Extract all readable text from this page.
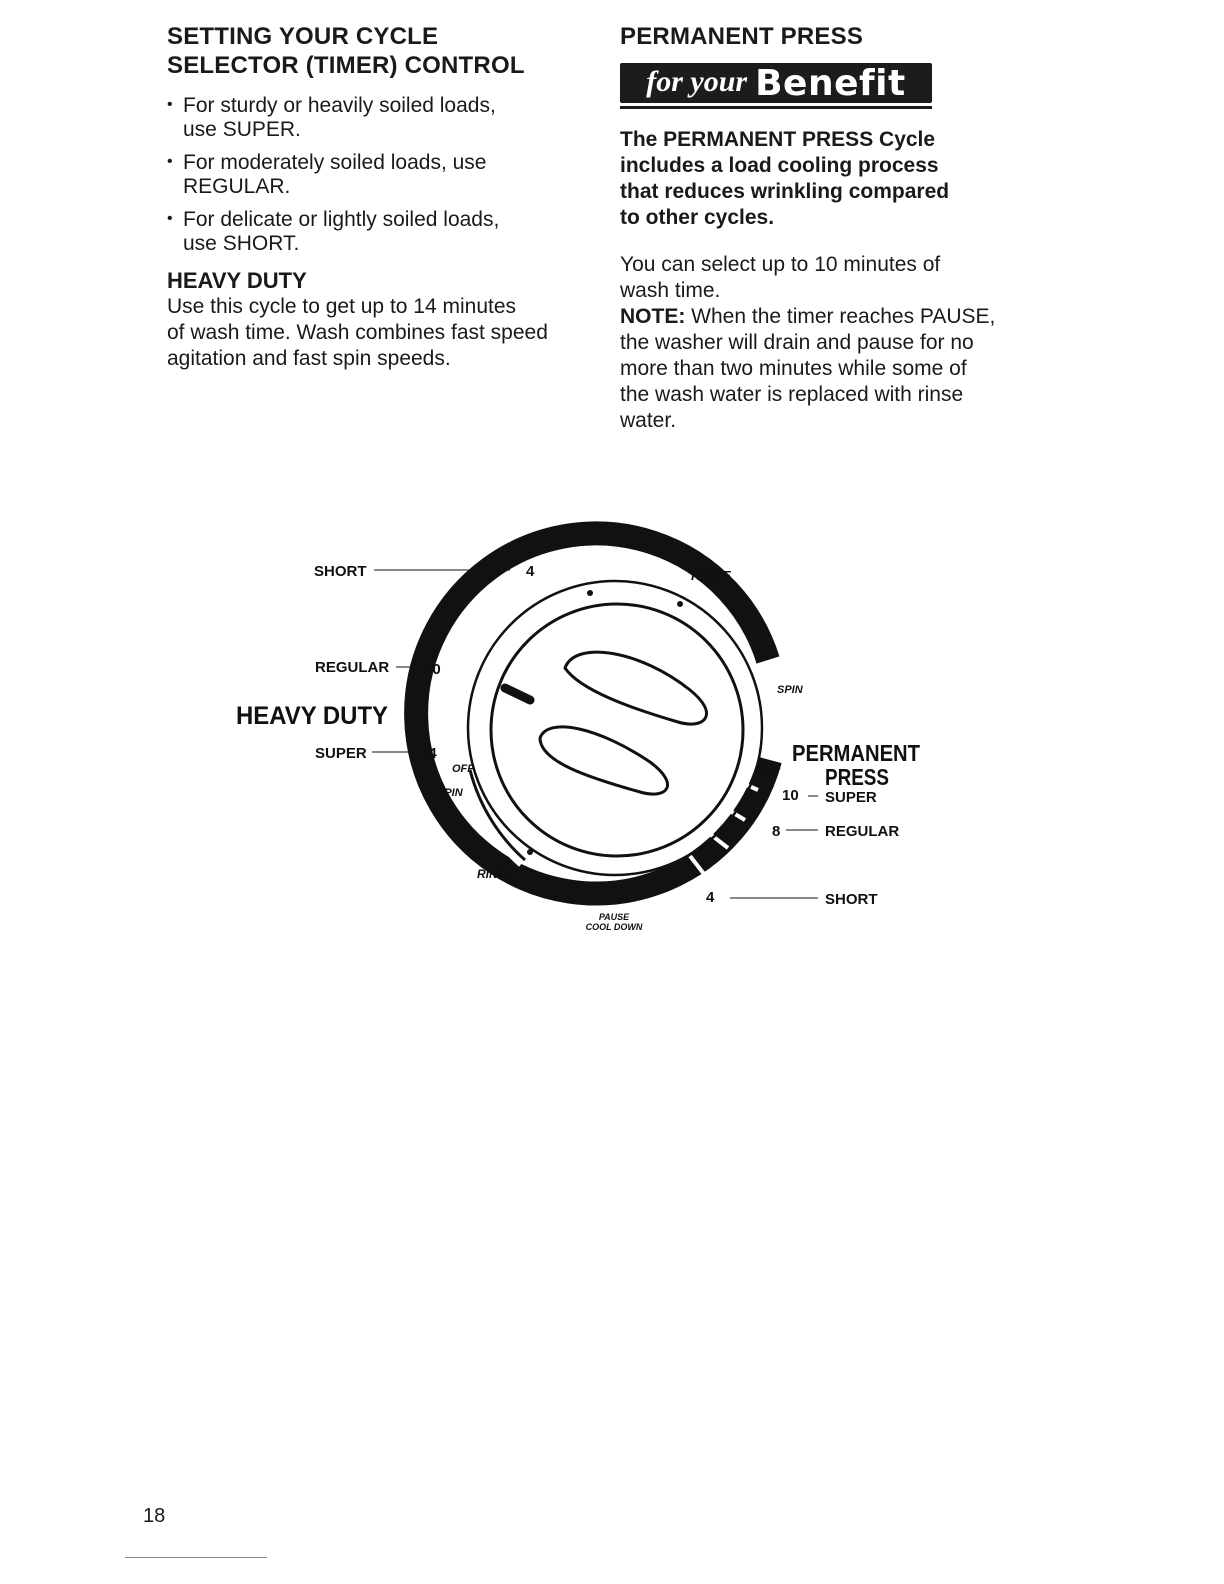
SETTING YOUR CYCLE
SELECTOR (TIMER) CONTROL
• For sturdy or heavily soiled loads,
use SUPER.
• For moderately soiled loads, use
REGULAR.
• For delicate or lightly soiled loads,
use SHORT.
HEAVY DUTY

Use this cycle to get up to 14 minutes
of wash time. Wash combines fast speed
agitation and fast spin speeds.

PERMANENT PRESS
for your Benefit

The PERMANENT PRESS Cycle
includes a load cooling process
that reduces wrinkling compared
to other cycles.

You can select up to 10 minutes of
wash time.

NOTE: When the timer reaches PAUSE,
the washer will drain and pause for no
more than two minutes while some of
the wash water is replaced with rinse
water.

SHORT	4
REGULAR 10
HEAVY DUTY
SUPER	14
OFF
SPIN
RINSE
RINSE
SPIN
OFF
PERMANENT
PRESS
10 SUPER
8	REGULAR
4	SHORT
PAUSE
COOL DOWN
18
